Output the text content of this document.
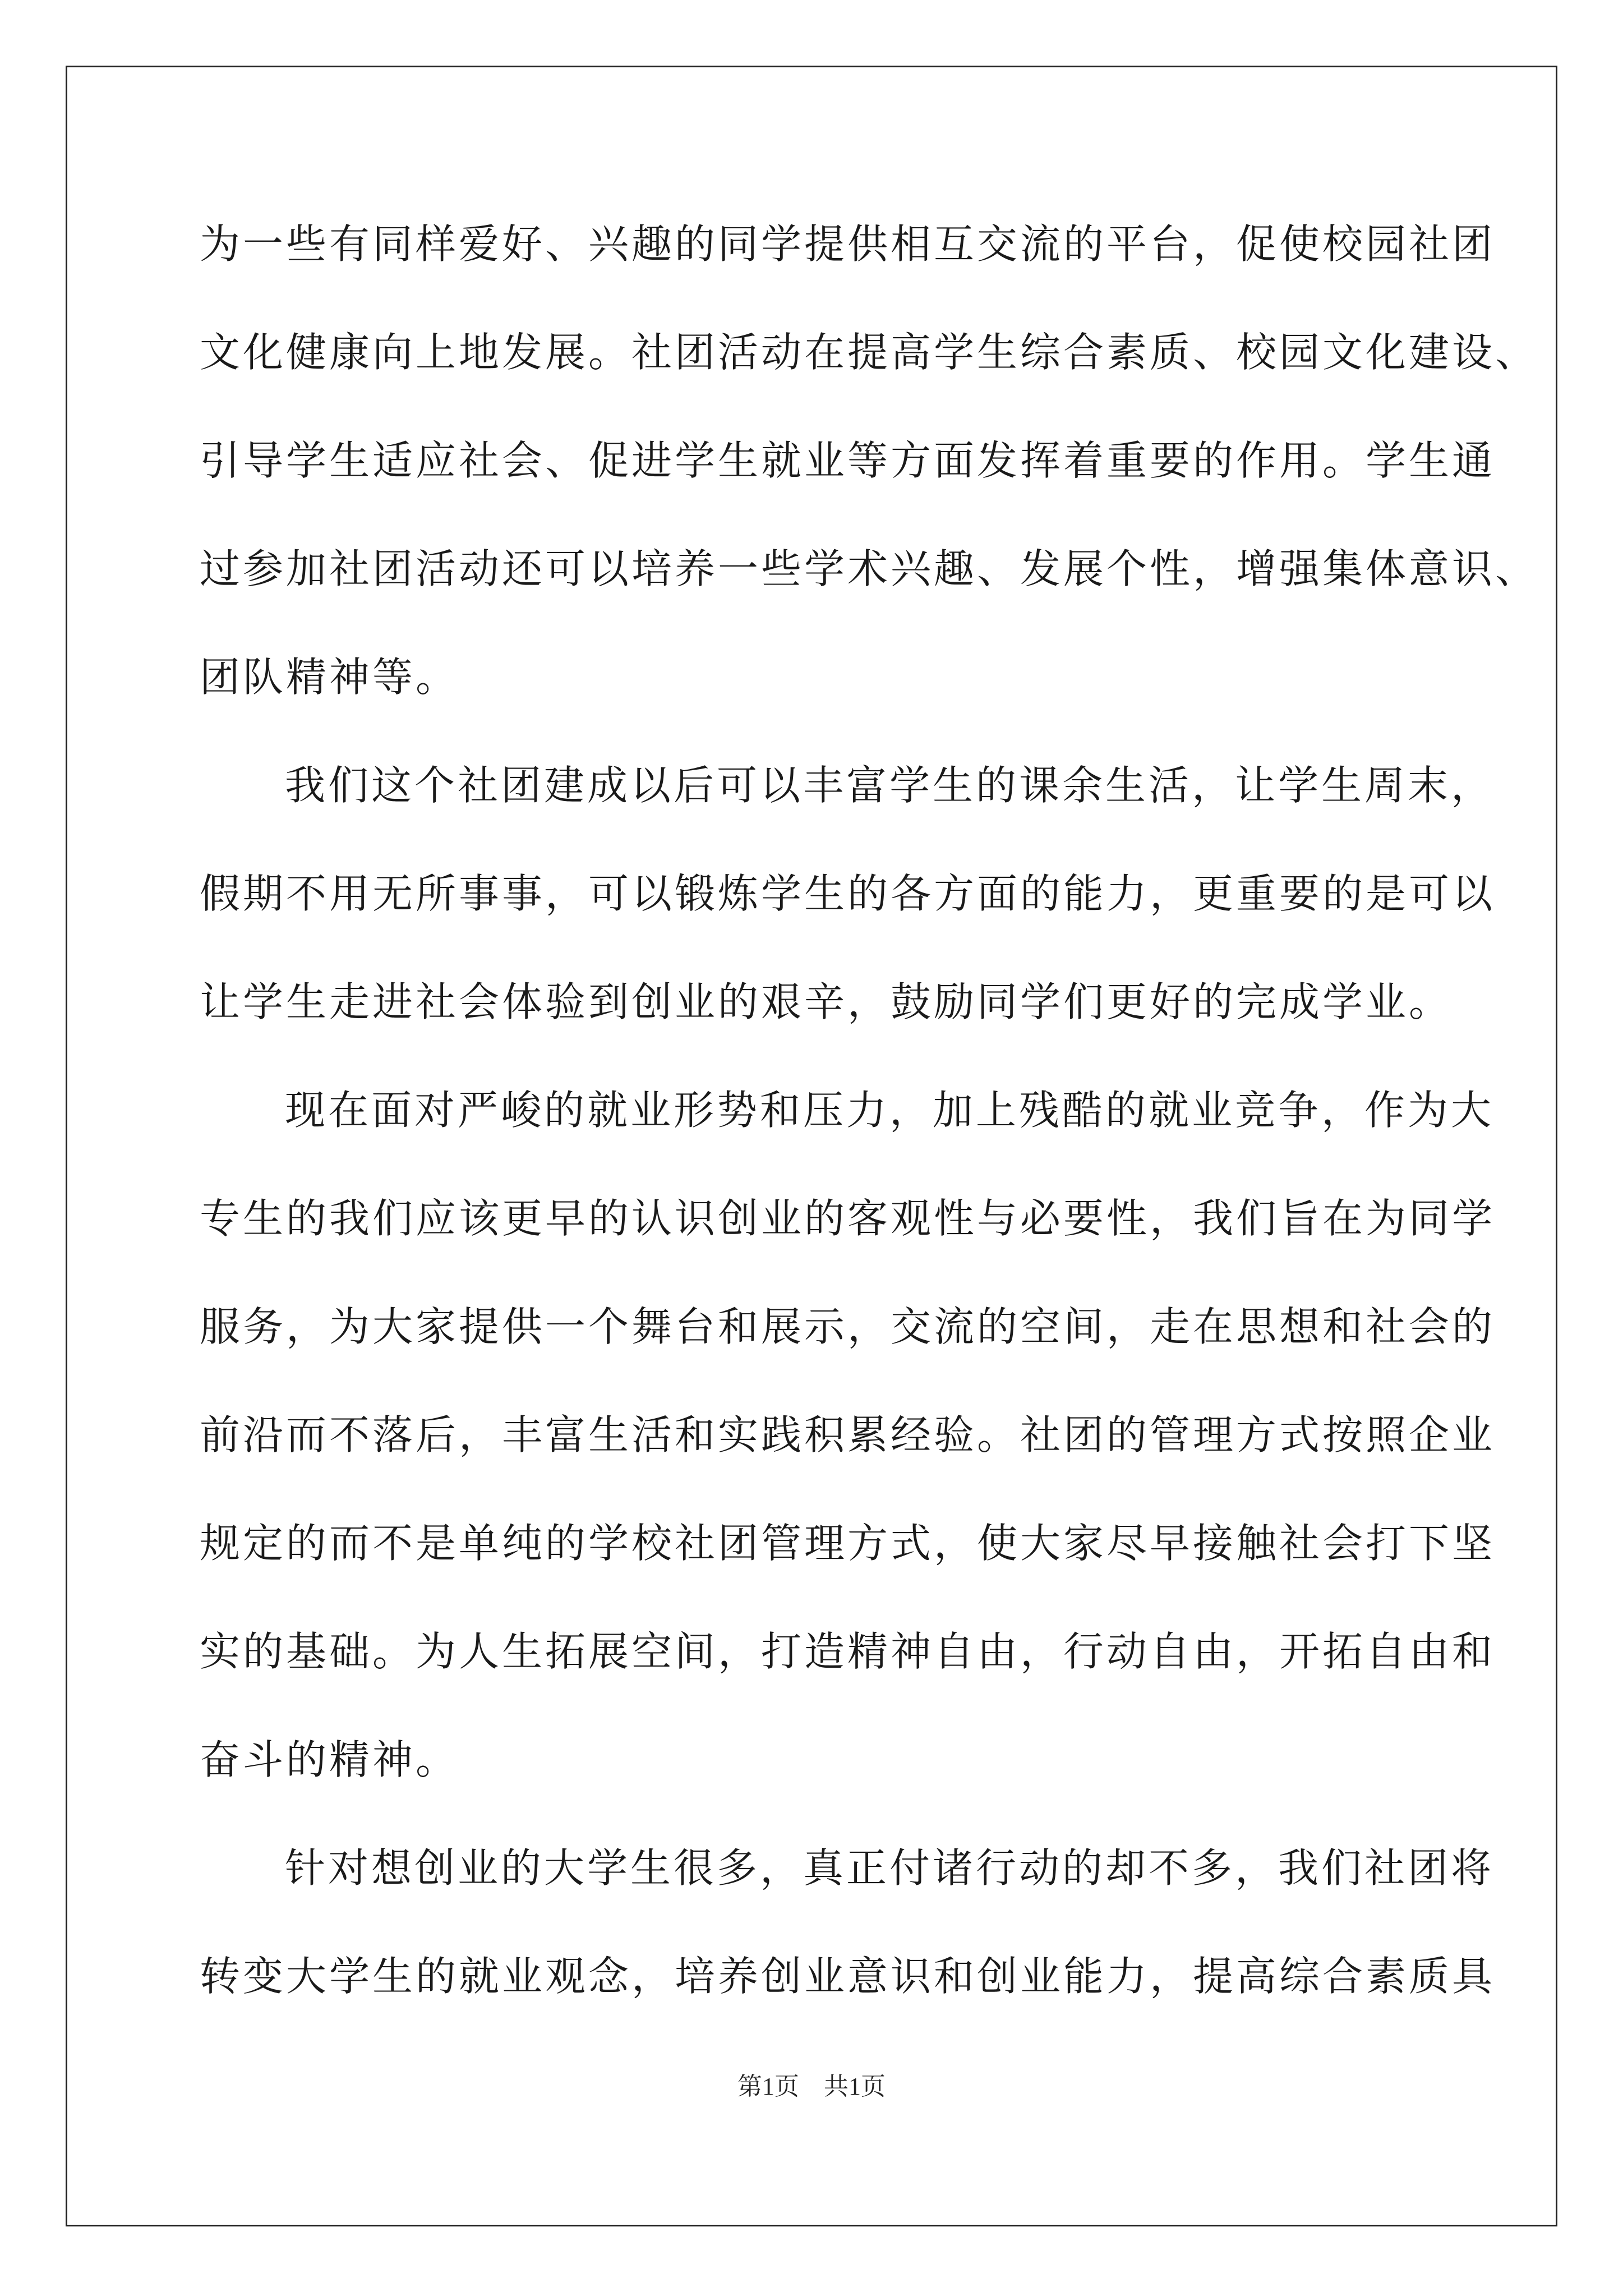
为一些有同样爱好、兴趣的同学提供相互交流的平台，促使校园社团
文化健康向上地发展。社团活动在提高学生综合素质、校园文化建设、
引导学生适应社会、促进学生就业等方面发挥着重要的作用。学生通
过参加社团活动还可以培养一些学术兴趣、发展个性，增强集体意识、
团队精神等。
我们这个社团建成以后可以丰富学生的课余生活，让学生周末，
假期不用无所事事，可以锻炼学生的各方面的能力，更重要的是可以
让学生走进社会体验到创业的艰辛，鼓励同学们更好的完成学业。
现在面对严峻的就业形势和压力，加上残酷的就业竞争，作为大
专生的我们应该更早的认识创业的客观性与必要性，我们旨在为同学
服务，为大家提供一个舞台和展示，交流的空间，走在思想和社会的
前沿而不落后，丰富生活和实践积累经验。社团的管理方式按照企业
规定的而不是单纯的学校社团管理方式，使大家尽早接触社会打下坚
实的基础。为人生拓展空间，打造精神自由，行动自由，开拓自由和
奋斗的精神。
针对想创业的大学生很多，真正付诸行动的却不多，我们社团将
转变大学生的就业观念，培养创业意识和创业能力，提高综合素质具
第1页　共1页
